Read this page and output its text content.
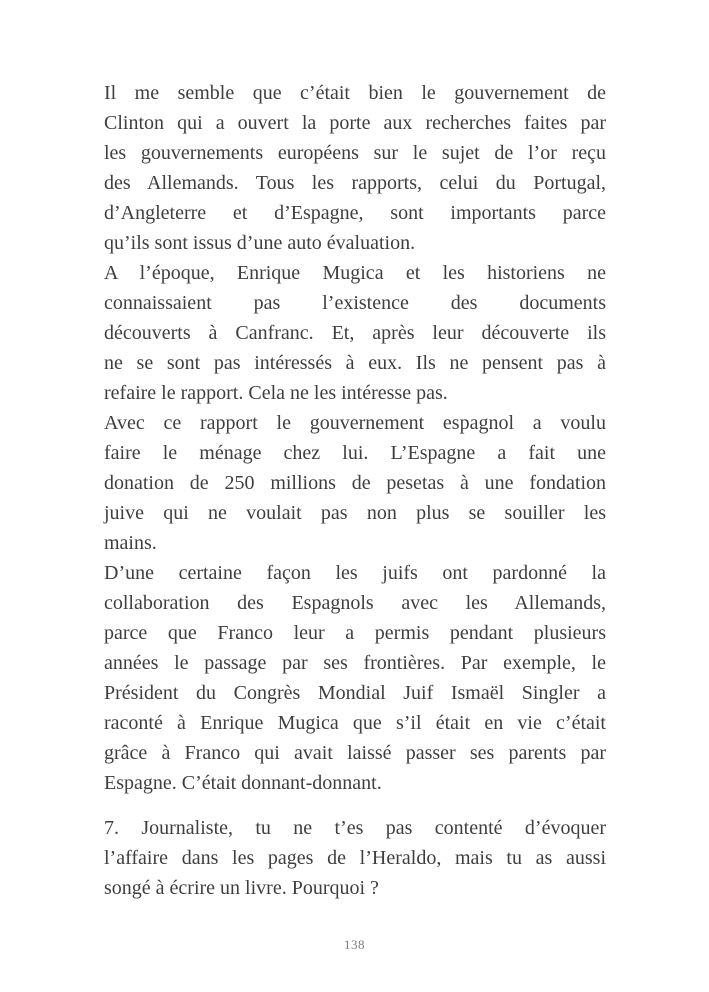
Il me semble que c’était bien le gouvernement de
Clinton qui a ouvert la porte aux recherches faites par
les gouvernements européens sur le sujet de l’or reçu
des Allemands. Tous les rapports, celui du Portugal,
d’Angleterre et d’Espagne, sont importants parce
qu’ils sont issus d’une auto évaluation.
A l’époque, Enrique Mugica et les historiens ne
connaissaient pas l’existence des documents
découverts à Canfranc. Et, après leur découverte ils
ne se sont pas intéressés à eux. Ils ne pensent pas à
refaire le rapport. Cela ne les intéresse pas.
Avec ce rapport le gouvernement espagnol a voulu
faire le ménage chez lui. L’Espagne a fait une
donation de 250 millions de pesetas à une fondation
juive qui ne voulait pas non plus se souiller les
mains.
D’une certaine façon les juifs ont pardonné la
collaboration des Espagnols avec les Allemands,
parce que Franco leur a permis pendant plusieurs
années le passage par ses frontières. Par exemple, le
Président du Congrès Mondial Juif Ismaël Singler a
raconté à Enrique Mugica que s’il était en vie c’était
grâce à Franco qui avait laissé passer ses parents par
Espagne. C’était donnant-donnant.
7. Journaliste, tu ne t’es pas contenté d’évoquer
l’affaire dans les pages de l’Heraldo, mais tu as aussi
songé à écrire un livre. Pourquoi ?
138
